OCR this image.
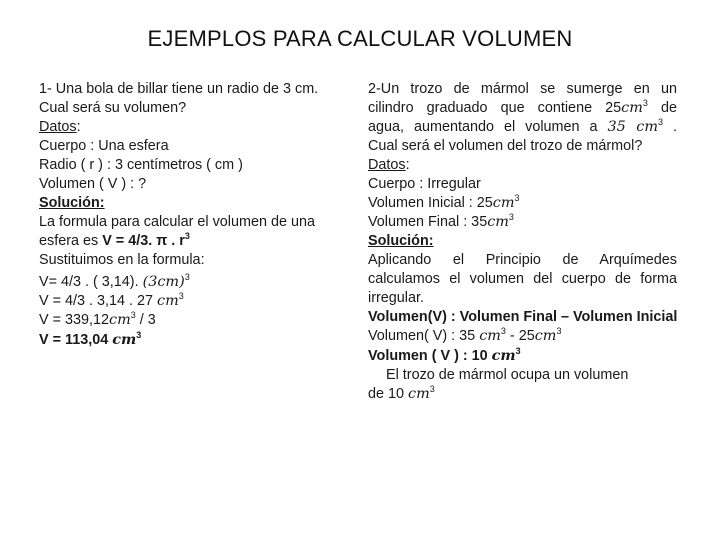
EJEMPLOS PARA CALCULAR VOLUMEN
1- Una bola de billar tiene un radio de 3 cm.
Cual será su volumen?
Datos:
Cuerpo : Una esfera
Radio ( r ) : 3 centímetros ( cm )
Volumen ( V ) : ?
Solución:
La formula para calcular el volumen de una
esfera es V = 4/3. π . $r^3$
Sustituimos en la formula:
V= 4/3 . ( 3,14). $(3cm)^3$
V = 4/3 . 3,14 . 27 $cm^3$
$V = 339,12cm^3 / 3$
V = 113,04 $cm^3$
2-Un trozo de mármol se sumerge en un
cilindro graduado que contiene $25cm^3$ de
agua, aumentando el volumen a 35 $cm^3$ .
Cual será el volumen del trozo de mármol?
Datos:
Cuerpo : Irregular
Volumen Inicial : $25cm^3$
Volumen Final : $35cm^3$
Solución:
Aplicando el Principio de Arquímedes
calculamos el volumen del cuerpo de forma
irregular.
Volumen(V) : Volumen Final – Volumen Inicial
Volumen( V) : 35 $cm^3 - 25cm^3$
Volumen ( V ) : 10 $cm^3$
El trozo de mármol ocupa un volumen
de 10 $cm^3$
